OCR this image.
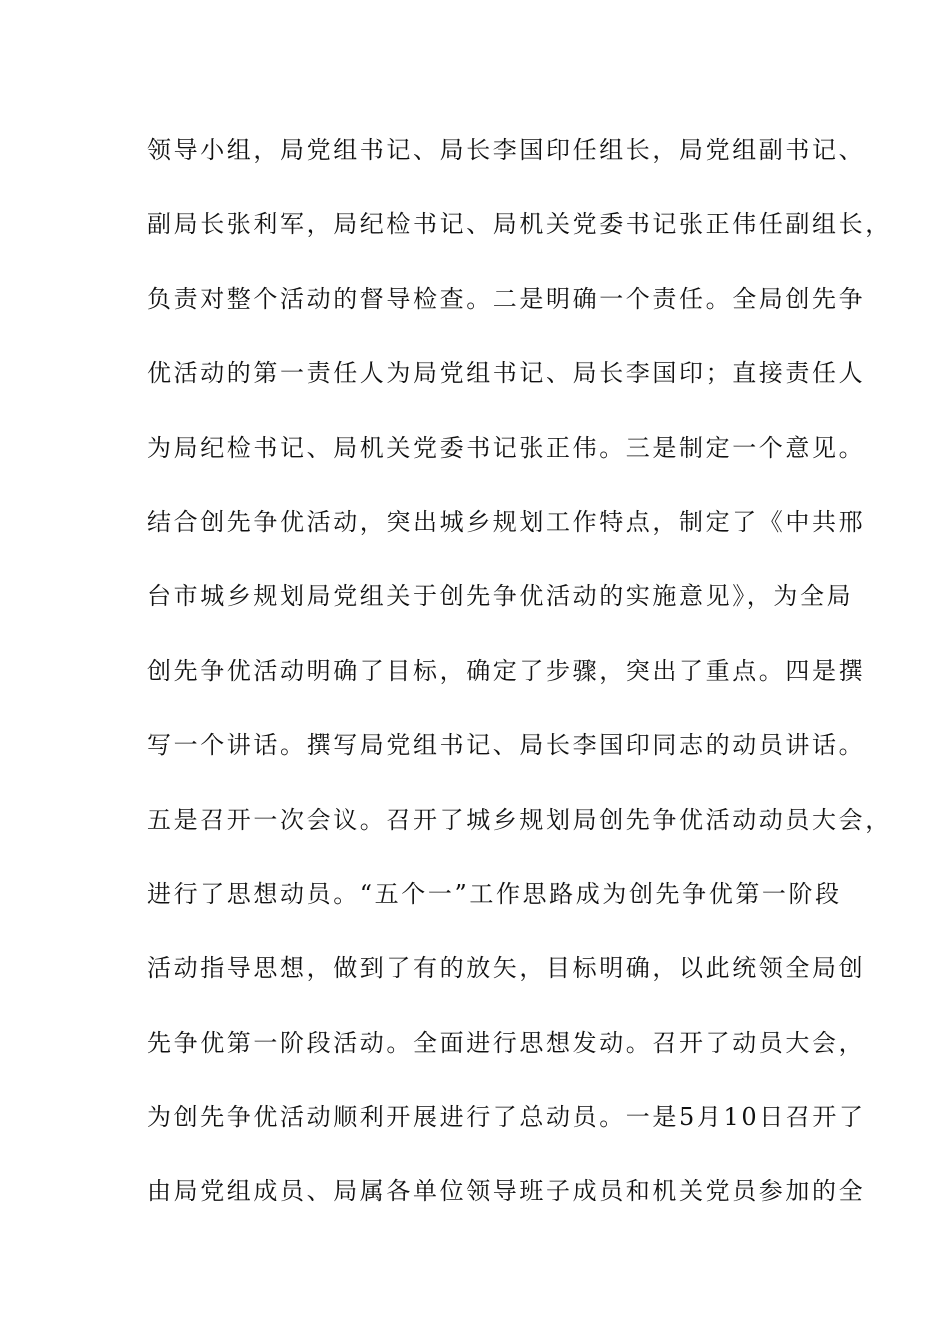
领导小组，局党组书记、局长李国印任组长，局党组副书记、
副局长张利军，局纪检书记、局机关党委书记张正伟任副组长，
负责对整个活动的督导检查。二是明确一个责任。全局创先争
优活动的第一责任人为局党组书记、局长李国印；直接责任人
为局纪检书记、局机关党委书记张正伟。三是制定一个意见。
结合创先争优活动，突出城乡规划工作特点，制定了《中共邢
台市城乡规划局党组关于创先争优活动的实施意见》，为全局
创先争优活动明确了目标，确定了步骤，突出了重点。四是撰
写一个讲话。撰写局党组书记、局长李国印同志的动员讲话。
五是召开一次会议。召开了城乡规划局创先争优活动动员大会，
进行了思想动员。“五个一”工作思路成为创先争优第一阶段
活动指导思想，做到了有的放矢，目标明确，以此统领全局创
先争优第一阶段活动。全面进行思想发动。召开了动员大会，
为创先争优活动顺利开展进行了总动员。一是5月10日召开了
由局党组成员、局属各单位领导班子成员和机关党员参加的全
